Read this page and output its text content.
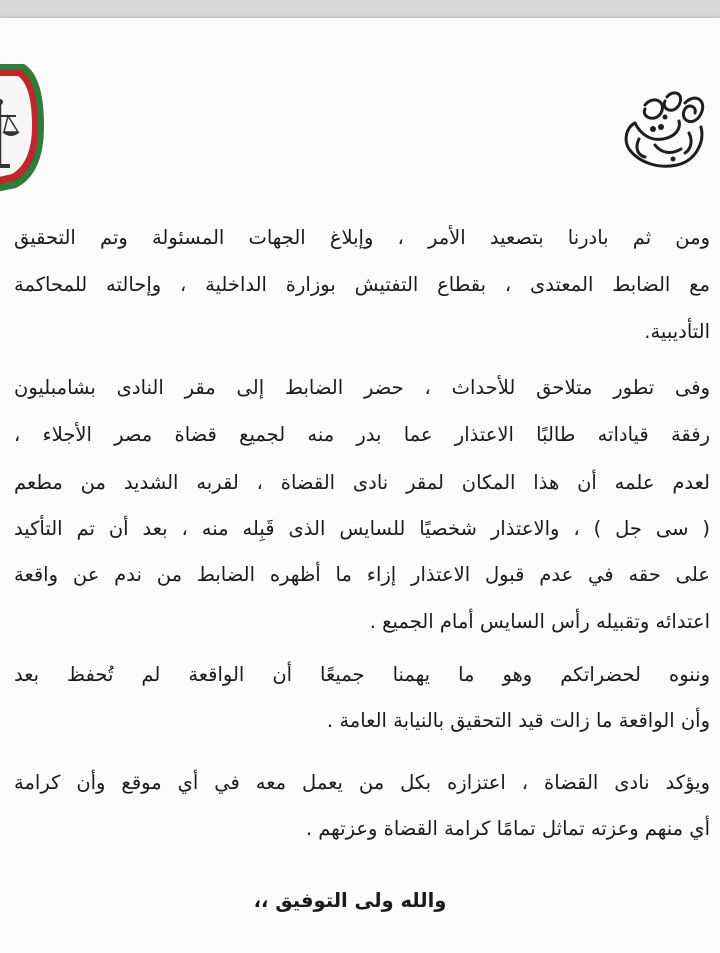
ومن ثم بادرنا بتصعيد الأمر ، وإبلاغ الجهات المسئولة وتم التحقيق
مع الضابط المعتدى ، بقطاع التفتيش بوزارة الداخلية ، وإحالته للمحاكمة
التأديبية.
وفى تطور متلاحق للأحداث ، حضر الضابط إلى مقر النادى بشامبليون
رفقة قياداته طالبًا الاعتذار عما بدر منه لجميع قضاة مصر الأجلاء ،
لعدم علمه أن هذا المكان لمقر نادى القضاة ، لقربه الشديد من مطعم
( سى جل ) ، والاعتذار شخصيًا للسايس الذى قَبِله منه ، بعد أن تم التأكيد
على حقه في عدم قبول الاعتذار إزاء ما أظهره الضابط من ندم عن واقعة
اعتدائه وتقبيله رأس السايس أمام الجميع .
وننوه لحضراتكم وهو ما يهمنا جميعًا أن الواقعة لم تُحفظ بعد
وأن الواقعة ما زالت قيد التحقيق بالنيابة العامة .
ويؤكد نادى القضاة ، اعتزازه بكل من يعمل معه في أي موقع وأن كرامة
أي منهم وعزته تماثل تمامًا كرامة القضاة وعزتهم .
والله ولى التوفيق ،،
